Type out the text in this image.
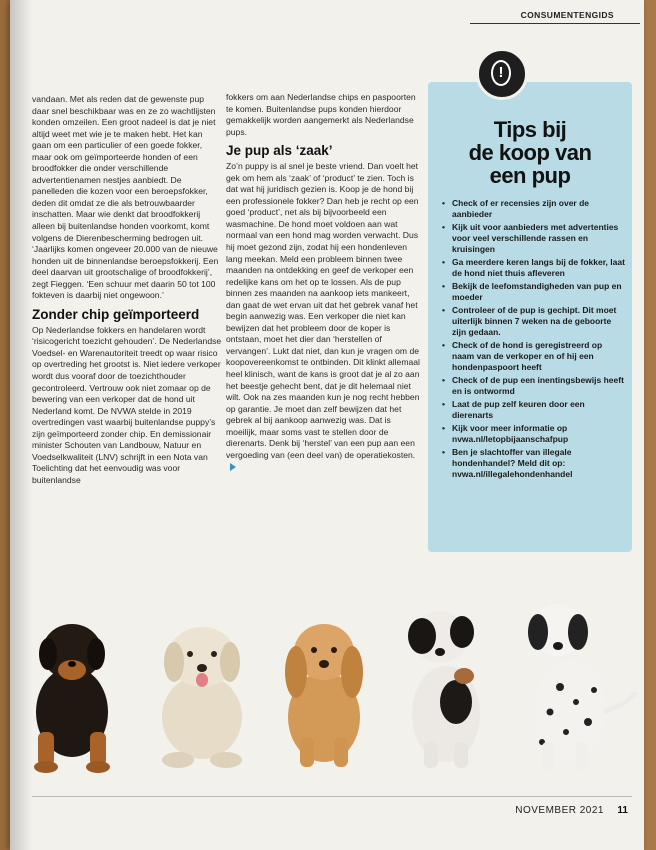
CONSUMENTENGIDS

vandaan. Met als reden dat de gewenste pup daar snel beschikbaar was en ze zo wachtlijsten konden omzeilen. Een groot nadeel is dat je niet altijd weet met wie je te maken hebt. Het kan gaan om een particulier of een goede fokker, maar ook om geïmporteerde honden of een broodfokker die onder verschillende advertentienamen nestjes aanbiedt. De panelleden die kozen voor een beroepsfokker, deden dit omdat ze die als betrouwbaarder inschatten. Maar wie denkt dat broodfokkerij alleen bij buitenlandse honden voorkomt, komt volgens de Dierenbescherming bedrogen uit. ‘Jaarlijks komen ongeveer 20.000 van de nieuwe honden uit de binnenlandse beroepsfokkerij. Een deel daarvan uit grootschalige of broodfokkerij’, zegt Fieggen. ‘Een schuur met daarin 50 tot 100 fokteven is daarbij niet ongewoon.’

Zonder chip geïmporteerd

Op Nederlandse fokkers en handelaren wordt ‘risicogericht toezicht gehouden’. De Nederlandse Voedsel- en Warenautoriteit treedt op waar risico op overtreding het grootst is. Niet iedere verkoper wordt dus vooraf door de toezichthouder gecontroleerd. Vertrouw ook niet zomaar op de bewering van een verkoper dat de hond uit Nederland komt. De NVWA stelde in 2019 overtredingen vast waarbij buitenlandse puppy’s zijn geïmporteerd zonder chip. En demissionair minister Schouten van Landbouw, Natuur en Voedselkwaliteit (LNV) schrijft in een Nota van Toelichting dat het eenvoudig was voor buitenlandse

fokkers om aan Nederlandse chips en paspoorten te komen. Buitenlandse pups konden hierdoor gemakkelijk worden aangemerkt als Nederlandse pups.

Je pup als ‘zaak’

Zo’n puppy is al snel je beste vriend. Dan voelt het gek om hem als ‘zaak’ of ‘product’ te zien. Toch is dat wat hij juridisch gezien is. Koop je de hond bij een professionele fokker? Dan heb je recht op een goed ‘product’, net als bij bijvoorbeeld een wasmachine. De hond moet voldoen aan wat normaal van een hond mag worden verwacht. Dus hij moet gezond zijn, zodat hij een hondenleven lang meekan. Meld een probleem binnen twee maanden na ontdekking en geef de verkoper een redelijke kans om het op te lossen. Als de pup binnen zes maanden na aankoop iets mankeert, dan gaat de wet ervan uit dat het gebrek vanaf het begin aanwezig was. Een verkoper die niet kan bewijzen dat het probleem door de koper is ontstaan, moet het dier dan ‘herstellen of vervangen’. Lukt dat niet, dan kun je vragen om de koopovereenkomst te ontbinden. Dit klinkt allemaal heel klinisch, want de kans is groot dat je al zo aan het beestje gehecht bent, dat je dit helemaal niet wilt. Ook na zes maanden kun je nog recht hebben op garantie. Je moet dan zelf bewijzen dat het gebrek al bij aankoop aanwezig was. Dat is moeilijk, maar soms vast te stellen door de dierenarts. Denk bij ‘herstel’ van een pup aan een vergoeding van (een deel van) de operatiekosten.

!
Tips bij
de koop van
een pup
• Check of er recensies zijn over de aanbieder
• Kijk uit voor aanbieders met advertenties voor veel verschillende rassen en kruisingen
• Ga meerdere keren langs bij de fokker, laat de hond niet thuis afleveren
• Bekijk de leefomstandigheden van pup en moeder
• Controleer of de pup is gechipt. Dit moet uiterlijk binnen 7 weken na de geboorte zijn gedaan.
• Check of de hond is geregistreerd op naam van de verkoper en of hij een hondenpaspoort heeft
• Check of de pup een inentingsbewijs heeft en is ontwormd
• Laat de pup zelf keuren door een dierenarts
• Kijk voor meer informatie op nvwa.nl/letopbijaanschafpup
• Ben je slachtoffer van illegale hondenhandel? Meld dit op: nvwa.nl/illegalehondenhandel
NOVEMBER 2021 11
